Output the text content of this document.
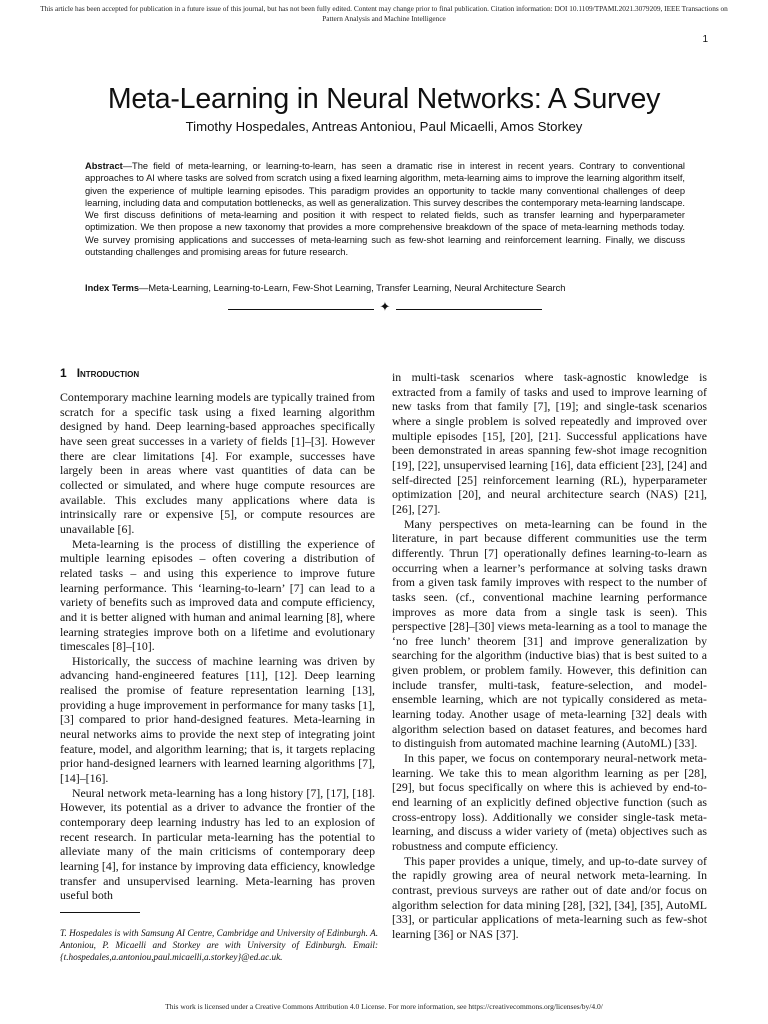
This article has been accepted for publication in a future issue of this journal, but has not been fully edited. Content may change prior to final publication. Citation information: DOI 10.1109/TPAMI.2021.3079209, IEEE Transactions on Pattern Analysis and Machine Intelligence
1
Meta-Learning in Neural Networks: A Survey
Timothy Hospedales, Antreas Antoniou, Paul Micaelli, Amos Storkey
Abstract—The field of meta-learning, or learning-to-learn, has seen a dramatic rise in interest in recent years. Contrary to conventional approaches to AI where tasks are solved from scratch using a fixed learning algorithm, meta-learning aims to improve the learning algorithm itself, given the experience of multiple learning episodes. This paradigm provides an opportunity to tackle many conventional challenges of deep learning, including data and computation bottlenecks, as well as generalization. This survey describes the contemporary meta-learning landscape. We first discuss definitions of meta-learning and position it with respect to related fields, such as transfer learning and hyperparameter optimization. We then propose a new taxonomy that provides a more comprehensive breakdown of the space of meta-learning methods today. We survey promising applications and successes of meta-learning such as few-shot learning and reinforcement learning. Finally, we discuss outstanding challenges and promising areas for future research.
Index Terms—Meta-Learning, Learning-to-Learn, Few-Shot Learning, Transfer Learning, Neural Architecture Search
✦
1 Introduction

Contemporary machine learning models are typically trained from scratch for a specific task using a fixed learning algorithm designed by hand. Deep learning-based approaches specifically have seen great successes in a variety of fields [1]–[3]. However there are clear limitations [4]. For example, successes have largely been in areas where vast quantities of data can be collected or simulated, and where huge compute resources are available. This excludes many applications where data is intrinsically rare or expensive [5], or compute resources are unavailable [6].

Meta-learning is the process of distilling the experience of multiple learning episodes – often covering a distribution of related tasks – and using this experience to improve future learning performance. This ‘learning-to-learn’ [7] can lead to a variety of benefits such as improved data and compute efficiency, and it is better aligned with human and animal learning [8], where learning strategies improve both on a lifetime and evolutionary timescales [8]–[10].

Historically, the success of machine learning was driven by advancing hand-engineered features [11], [12]. Deep learning realised the promise of feature representation learning [13], providing a huge improvement in performance for many tasks [1], [3] compared to prior hand-designed features. Meta-learning in neural networks aims to provide the next step of integrating joint feature, model, and algorithm learning; that is, it targets replacing prior hand-designed learners with learned learning algorithms [7], [14]–[16].

Neural network meta-learning has a long history [7], [17], [18]. However, its potential as a driver to advance the frontier of the contemporary deep learning industry has led to an explosion of recent research. In particular meta-learning has the potential to alleviate many of the main criticisms of contemporary deep learning [4], for instance by improving data efficiency, knowledge transfer and unsupervised learning. Meta-learning has proven useful both

in multi-task scenarios where task-agnostic knowledge is extracted from a family of tasks and used to improve learning of new tasks from that family [7], [19]; and single-task scenarios where a single problem is solved repeatedly and improved over multiple episodes [15], [20], [21]. Successful applications have been demonstrated in areas spanning few-shot image recognition [19], [22], unsupervised learning [16], data efficient [23], [24] and self-directed [25] reinforcement learning (RL), hyperparameter optimization [20], and neural architecture search (NAS) [21], [26], [27].

Many perspectives on meta-learning can be found in the literature, in part because different communities use the term differently. Thrun [7] operationally defines learning-to-learn as occurring when a learner’s performance at solving tasks drawn from a given task family improves with respect to the number of tasks seen. (cf., conventional machine learning performance improves as more data from a single task is seen). This perspective [28]–[30] views meta-learning as a tool to manage the ‘no free lunch’ theorem [31] and improve generalization by searching for the algorithm (inductive bias) that is best suited to a given problem, or problem family. However, this definition can include transfer, multi-task, feature-selection, and model-ensemble learning, which are not typically considered as meta-learning today. Another usage of meta-learning [32] deals with algorithm selection based on dataset features, and becomes hard to distinguish from automated machine learning (AutoML) [33].

In this paper, we focus on contemporary neural-network meta-learning. We take this to mean algorithm learning as per [28], [29], but focus specifically on where this is achieved by end-to-end learning of an explicitly defined objective function (such as cross-entropy loss). Additionally we consider single-task meta-learning, and discuss a wider variety of (meta) objectives such as robustness and compute efficiency.

This paper provides a unique, timely, and up-to-date survey of the rapidly growing area of neural network meta-learning. In contrast, previous surveys are rather out of date and/or focus on algorithm selection for data mining [28], [32], [34], [35], AutoML [33], or particular applications of meta-learning such as few-shot learning [36] or NAS [37].

T. Hospedales is with Samsung AI Centre, Cambridge and University of Edinburgh. A. Antoniou, P. Micaelli and Storkey are with University of Edinburgh. Email: {t.hospedales,a.antoniou,paul.micaelli,a.storkey}@ed.ac.uk.
This work is licensed under a Creative Commons Attribution 4.0 License. For more information, see https://creativecommons.org/licenses/by/4.0/
